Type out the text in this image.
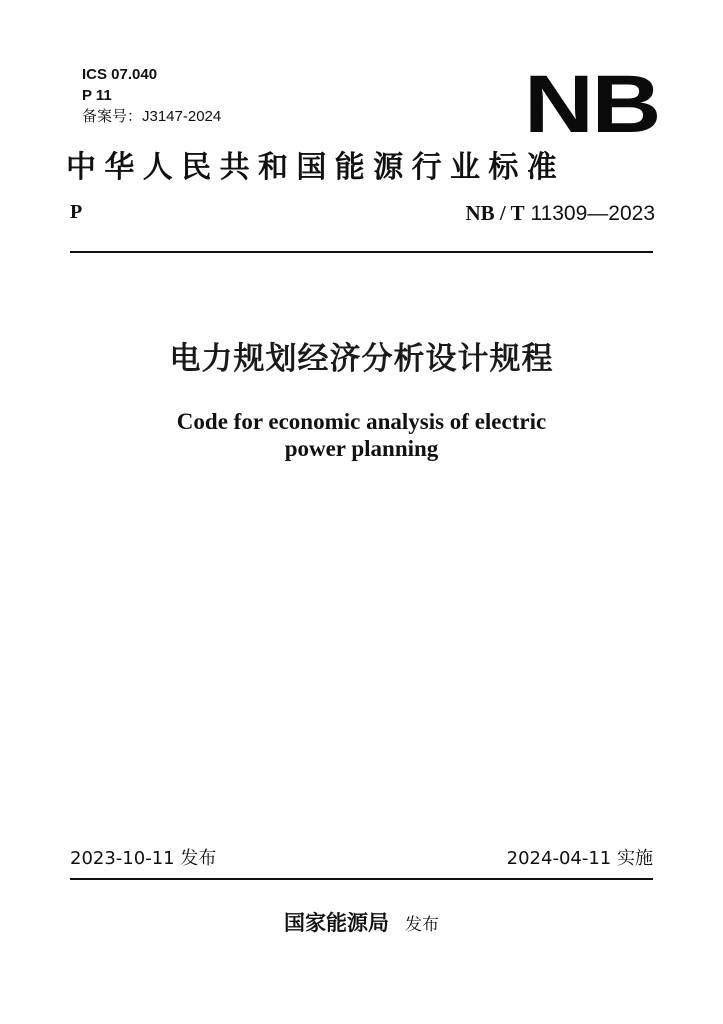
ICS 07.040
P 11
备案号：J3147-2024	NB
中华人民共和国能源行业标准
P	NB / T 11309—2023
电力规划经济分析设计规程
Code for economic analysis of electric
power planning
2023-10-11 发布	2024-04-11 实施
国家能源局 发布
